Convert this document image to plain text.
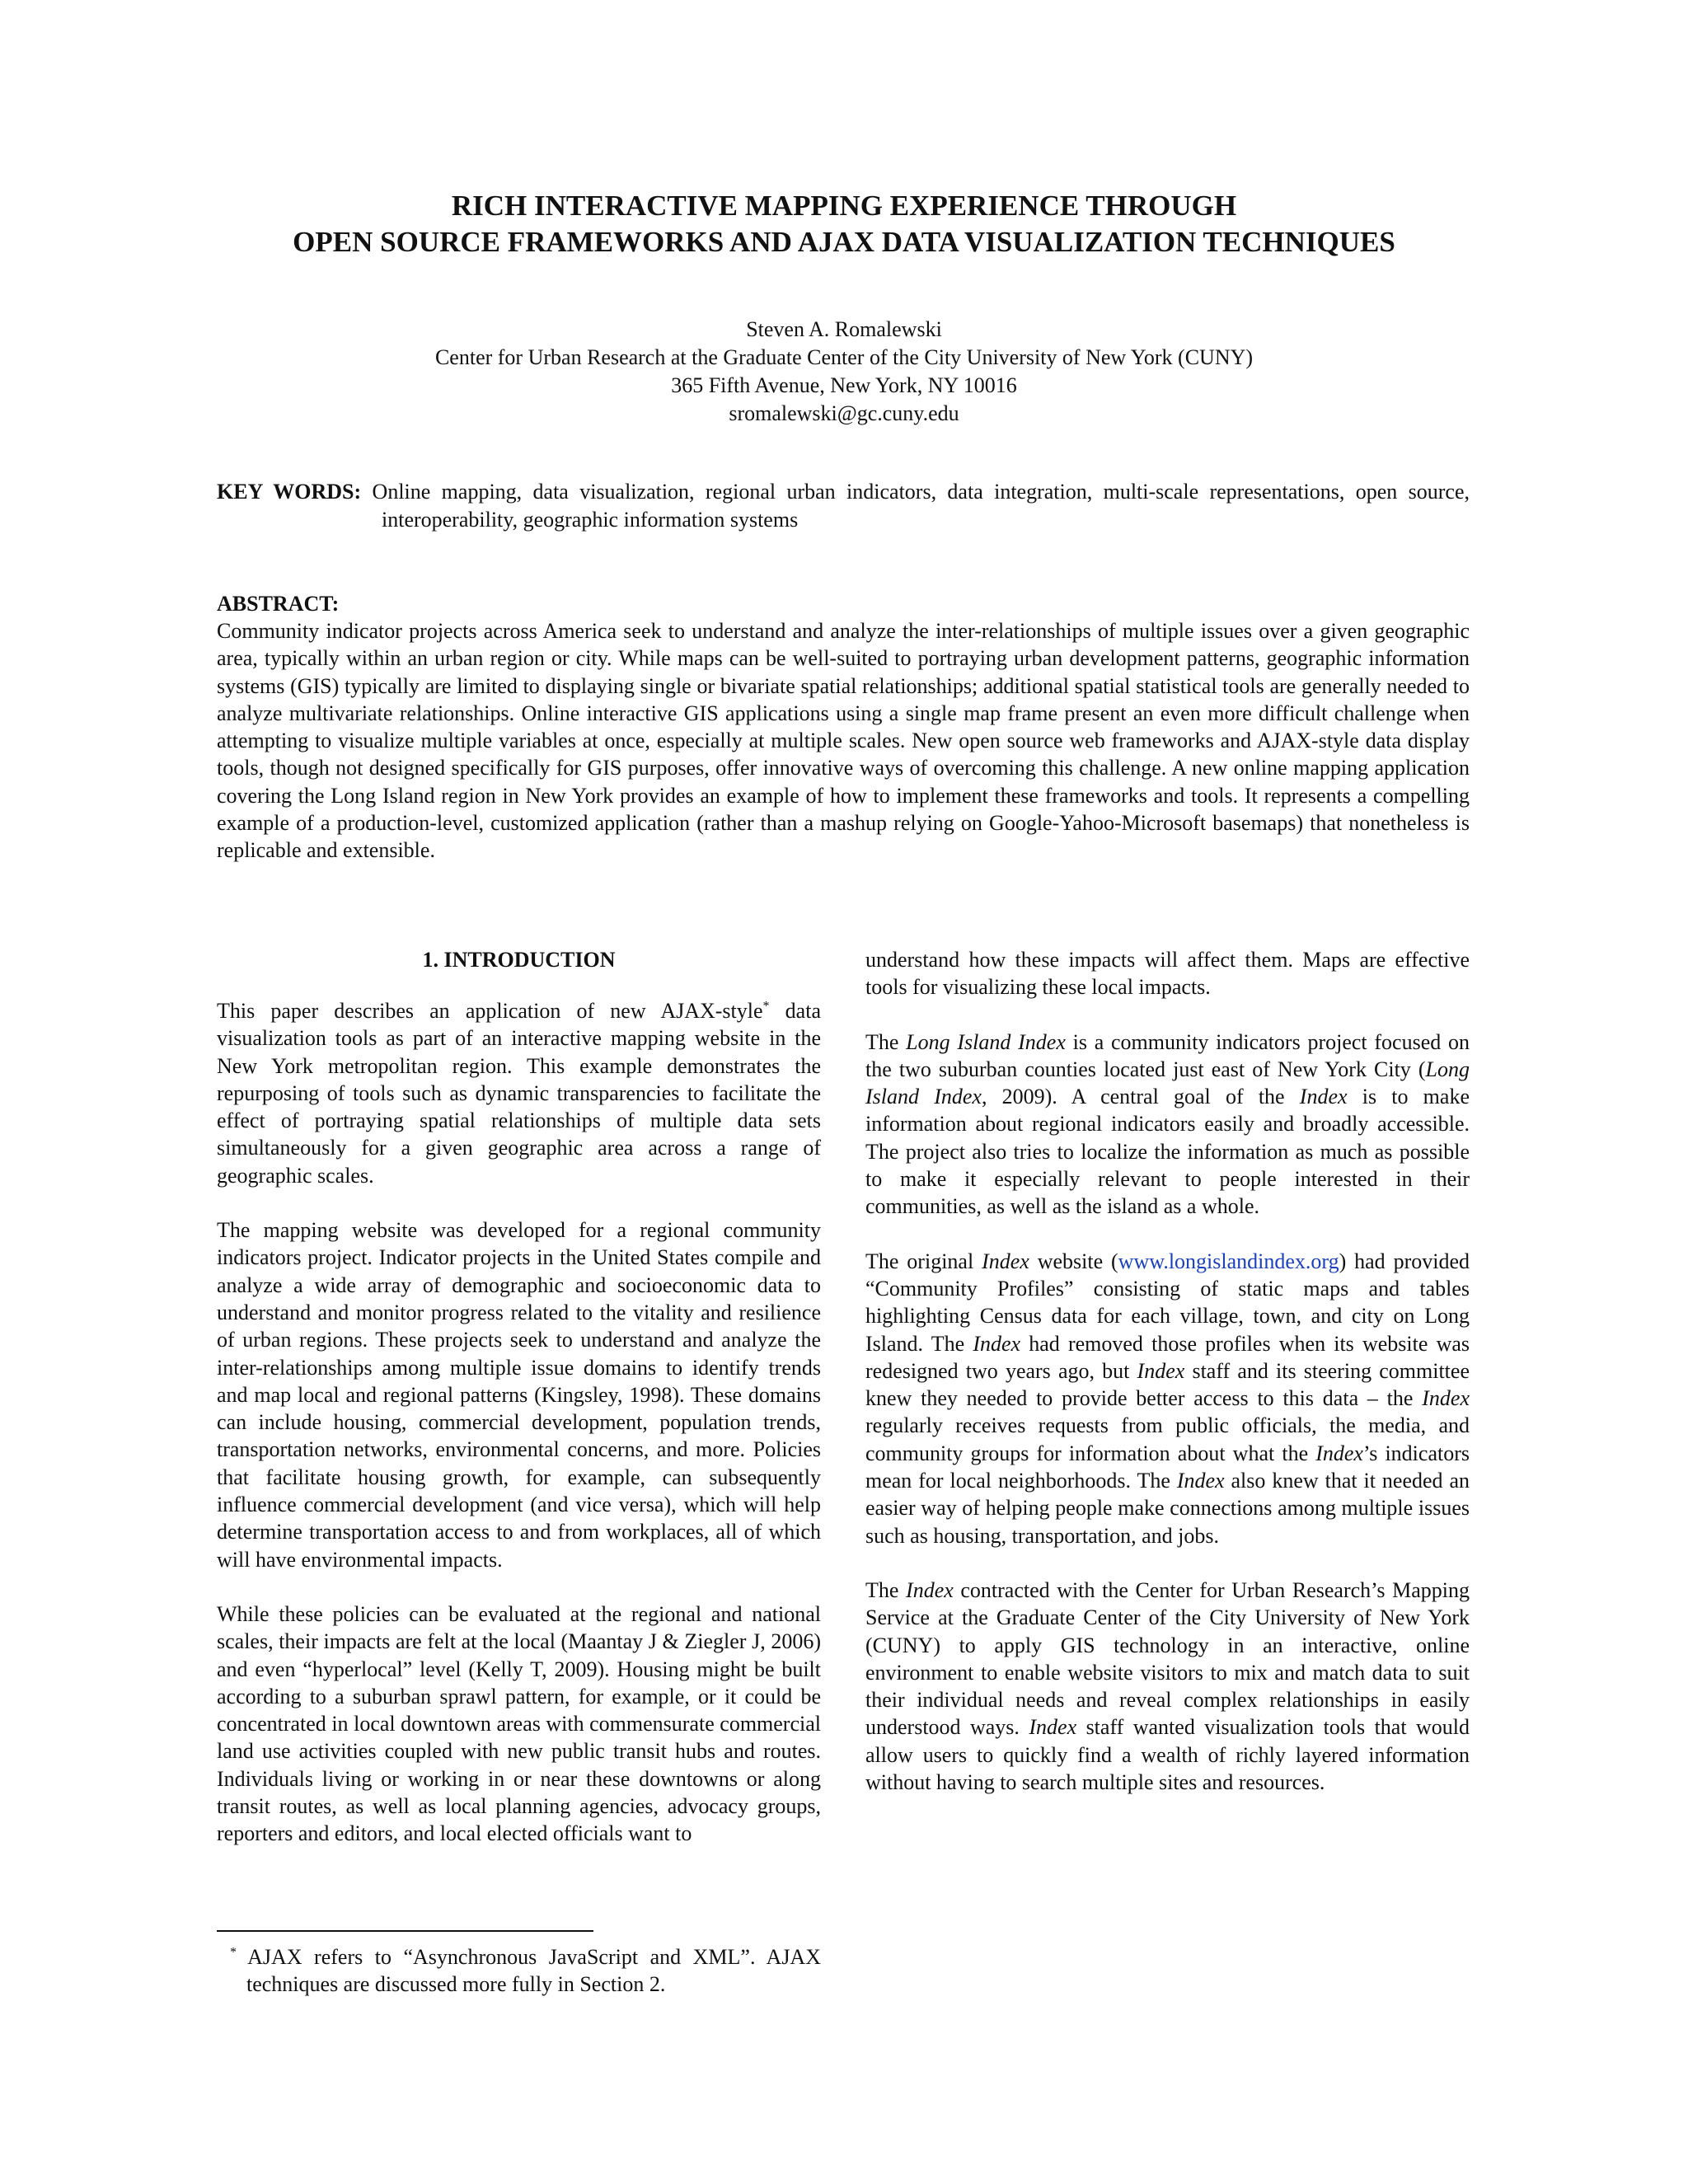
RICH INTERACTIVE MAPPING EXPERIENCE THROUGH
OPEN SOURCE FRAMEWORKS AND AJAX DATA VISUALIZATION TECHNIQUES
Steven A. Romalewski
Center for Urban Research at the Graduate Center of the City University of New York (CUNY)
365 Fifth Avenue, New York, NY 10016
sromalewski@gc.cuny.edu
KEY WORDS: Online mapping, data visualization, regional urban indicators, data integration, multi-scale representations, open source, interoperability, geographic information systems
ABSTRACT:

Community indicator projects across America seek to understand and analyze the inter-relationships of multiple issues over a given geographic area, typically within an urban region or city. While maps can be well-suited to portraying urban development patterns, geographic information systems (GIS) typically are limited to displaying single or bivariate spatial relationships; additional spatial statistical tools are generally needed to analyze multivariate relationships. Online interactive GIS applications using a single map frame present an even more difficult challenge when attempting to visualize multiple variables at once, especially at multiple scales. New open source web frameworks and AJAX-style data display tools, though not designed specifically for GIS purposes, offer innovative ways of overcoming this challenge. A new online mapping application covering the Long Island region in New York provides an example of how to implement these frameworks and tools. It represents a compelling example of a production-level, customized application (rather than a mashup relying on Google-Yahoo-Microsoft basemaps) that nonetheless is replicable and extensible.

1. INTRODUCTION

This paper describes an application of new AJAX-style* data visualization tools as part of an interactive mapping website in the New York metropolitan region. This example demonstrates the repurposing of tools such as dynamic transparencies to facilitate the effect of portraying spatial relationships of multiple data sets simultaneously for a given geographic area across a range of geographic scales.

The mapping website was developed for a regional community indicators project. Indicator projects in the United States compile and analyze a wide array of demographic and socioeconomic data to understand and monitor progress related to the vitality and resilience of urban regions. These projects seek to understand and analyze the inter-relationships among multiple issue domains to identify trends and map local and regional patterns (Kingsley, 1998). These domains can include housing, commercial development, population trends, transportation networks, environmental concerns, and more. Policies that facilitate housing growth, for example, can subsequently influence commercial development (and vice versa), which will help determine transportation access to and from workplaces, all of which will have environmental impacts.

While these policies can be evaluated at the regional and national scales, their impacts are felt at the local (Maantay J & Ziegler J, 2006) and even “hyperlocal” level (Kelly T, 2009). Housing might be built according to a suburban sprawl pattern, for example, or it could be concentrated in local downtown areas with commensurate commercial land use activities coupled with new public transit hubs and routes. Individuals living or working in or near these downtowns or along transit routes, as well as local planning agencies, advocacy groups, reporters and editors, and local elected officials want to

understand how these impacts will affect them. Maps are effective tools for visualizing these local impacts.

The Long Island Index is a community indicators project focused on the two suburban counties located just east of New York City (Long Island Index, 2009). A central goal of the Index is to make information about regional indicators easily and broadly accessible. The project also tries to localize the information as much as possible to make it especially relevant to people interested in their communities, as well as the island as a whole.

The original Index website (www.longislandindex.org) had provided “Community Profiles” consisting of static maps and tables highlighting Census data for each village, town, and city on Long Island. The Index had removed those profiles when its website was redesigned two years ago, but Index staff and its steering committee knew they needed to provide better access to this data – the Index regularly receives requests from public officials, the media, and community groups for information about what the Index’s indicators mean for local neighborhoods. The Index also knew that it needed an easier way of helping people make connections among multiple issues such as housing, transportation, and jobs.

The Index contracted with the Center for Urban Research’s Mapping Service at the Graduate Center of the City University of New York (CUNY) to apply GIS technology in an interactive, online environment to enable website visitors to mix and match data to suit their individual needs and reveal complex relationships in easily understood ways. Index staff wanted visualization tools that would allow users to quickly find a wealth of richly layered information without having to search multiple sites and resources.

* AJAX refers to “Asynchronous JavaScript and XML”. AJAX techniques are discussed more fully in Section 2.
